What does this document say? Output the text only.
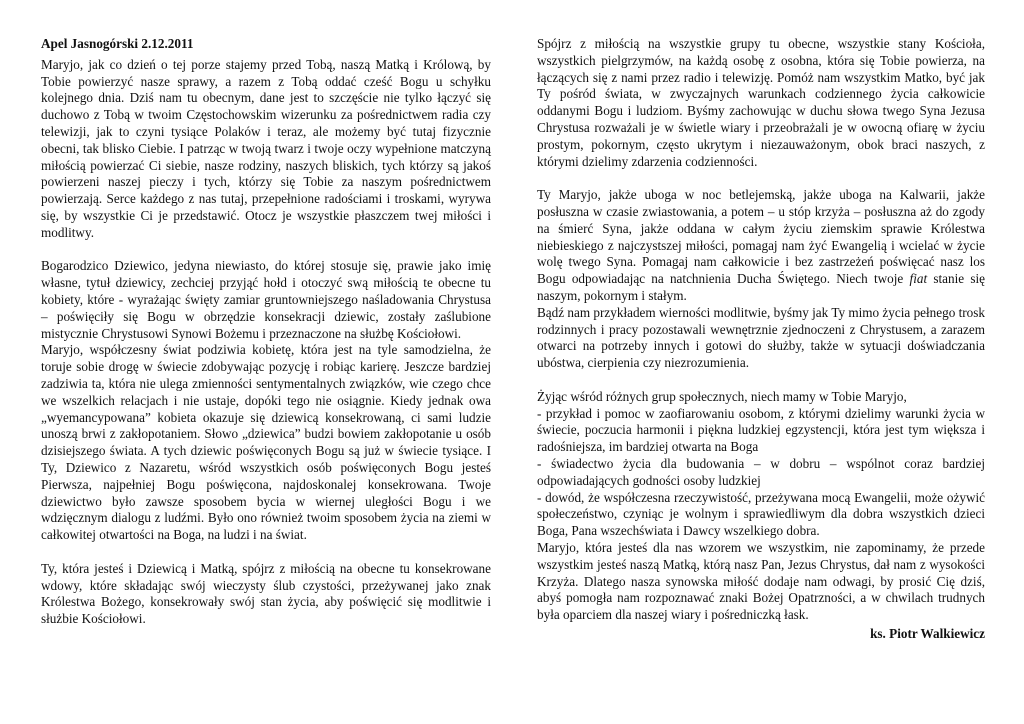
Apel Jasnogórski 2.12.2011

Maryjo, jak co dzień o tej porze stajemy przed Tobą, naszą Matką i Królową, by Tobie powierzyć nasze sprawy, a razem z Tobą oddać cześć Bogu u schyłku kolejnego dnia. Dziś nam tu obecnym, dane jest to szczęście nie tylko łączyć się duchowo z Tobą w twoim Częstochowskim wizerunku za pośrednictwem radia czy telewizji, jak to czyni tysiące Polaków i teraz, ale możemy być tutaj fizycznie obecni, tak blisko Ciebie. I patrząc w twoją twarz i twoje oczy wypełnione matczyną miłością powierzać Ci siebie, nasze rodziny, naszych bliskich, tych którzy są jakoś powierzeni naszej pieczy i tych, którzy się Tobie za naszym pośrednictwem powierzają. Serce każdego z nas tutaj, przepełnione radościami i troskami, wyrywa się, by wszystkie Ci je przedstawić. Otocz je wszystkie płaszczem twej miłości i modlitwy.

Bogarodzico Dziewico, jedyna niewiasto, do której stosuje się, prawie jako imię własne, tytuł dziewicy, zechciej przyjąć hołd i otoczyć swą miłością te obecne tu kobiety, które - wyrażając święty zamiar gruntowniejszego naśladowania Chrystusa – poświęciły się Bogu w obrzędzie konsekracji dziewic, zostały zaślubione mistycznie Chrystusowi Synowi Bożemu i przeznaczone na służbę Kościołowi.

Maryjo, współczesny świat podziwia kobietę, która jest na tyle samodzielna, że toruje sobie drogę w świecie zdobywając pozycję i robiąc karierę. Jeszcze bardziej zadziwia ta, która nie ulega zmienności sentymentalnych związków, wie czego chce we wszelkich relacjach i nie ustaje, dopóki tego nie osiągnie. Kiedy jednak owa „wyemancypowana” kobieta okazuje się dziewicą konsekrowaną, ci sami ludzie unoszą brwi z zakłopotaniem. Słowo „dziewica” budzi bowiem zakłopotanie u osób dzisiejszego świata. A tych dziewic poświęconych Bogu są już w świecie tysiące. I Ty, Dziewico z Nazaretu, wśród wszystkich osób poświęconych Bogu jesteś Pierwsza, najpełniej Bogu poświęcona, najdoskonalej konsekrowana. Twoje dziewictwo było zawsze sposobem bycia w wiernej uległości Bogu i we wdzięcznym dialogu z ludźmi. Było ono również twoim sposobem życia na ziemi w całkowitej otwartości na Boga, na ludzi i na świat.

Ty, która jesteś i Dziewicą i Matką, spójrz z miłością na obecne tu konsekrowane wdowy, które składając swój wieczysty ślub czystości, przeżywanej jako znak Królestwa Bożego, konsekrowały swój stan życia, aby poświęcić się modlitwie i służbie Kościołowi.

Spójrz z miłością na wszystkie grupy tu obecne, wszystkie stany Kościoła, wszystkich pielgrzymów, na każdą osobę z osobna, która się Tobie powierza, na łączących się z nami przez radio i telewizję. Pomóż nam wszystkim Matko, być jak Ty pośród świata, w zwyczajnych warunkach codziennego życia całkowicie oddanymi Bogu i ludziom. Byśmy zachowując w duchu słowa twego Syna Jezusa Chrystusa rozważali je w świetle wiary i przeobrażali je w owocną ofiarę w życiu prostym, pokornym, często ukrytym i niezauważonym, obok braci naszych, z którymi dzielimy zdarzenia codzienności.

Ty Maryjo, jakże uboga w noc betlejemską, jakże uboga na Kalwarii, jakże posłuszna w czasie zwiastowania, a potem – u stóp krzyża – posłuszna aż do zgody na śmierć Syna, jakże oddana w całym życiu ziemskim sprawie Królestwa niebieskiego z najczystszej miłości, pomagaj nam żyć Ewangelią i wcielać w życie wolę twego Syna. Pomagaj nam całkowicie i bez zastrzeżeń poświęcać nasz los Bogu odpowiadając na natchnienia Ducha Świętego. Niech twoje fiat stanie się naszym, pokornym i stałym.

Bądź nam przykładem wierności modlitwie, byśmy jak Ty mimo życia pełnego trosk rodzinnych i pracy pozostawali wewnętrznie zjednoczeni z Chrystusem, a zarazem otwarci na potrzeby innych i gotowi do służby, także w sytuacji doświadczania ubóstwa, cierpienia czy niezrozumienia.

Żyjąc wśród różnych grup społecznych, niech mamy w Tobie Maryjo,

- przykład i pomoc w zaofiarowaniu osobom, z którymi dzielimy warunki życia w świecie, poczucia harmonii i piękna ludzkiej egzystencji, która jest tym większa i radośniejsza, im bardziej otwarta na Boga

- świadectwo życia dla budowania – w dobru – wspólnot coraz bardziej odpowiadających godności osoby ludzkiej

- dowód, że współczesna rzeczywistość, przeżywana mocą Ewangelii, może ożywić społeczeństwo, czyniąc je wolnym i sprawiedliwym dla dobra wszystkich dzieci Boga, Pana wszechświata i Dawcy wszelkiego dobra.

Maryjo, która jesteś dla nas wzorem we wszystkim, nie zapominamy, że przede wszystkim jesteś naszą Matką, którą nasz Pan, Jezus Chrystus, dał nam z wysokości Krzyża. Dlatego nasza synowska miłość dodaje nam odwagi, by prosić Cię dziś, abyś pomogła nam rozpoznawać znaki Bożej Opatrzności, a w chwilach trudnych była oparciem dla naszej wiary i pośredniczką łask.

ks. Piotr Walkiewicz
